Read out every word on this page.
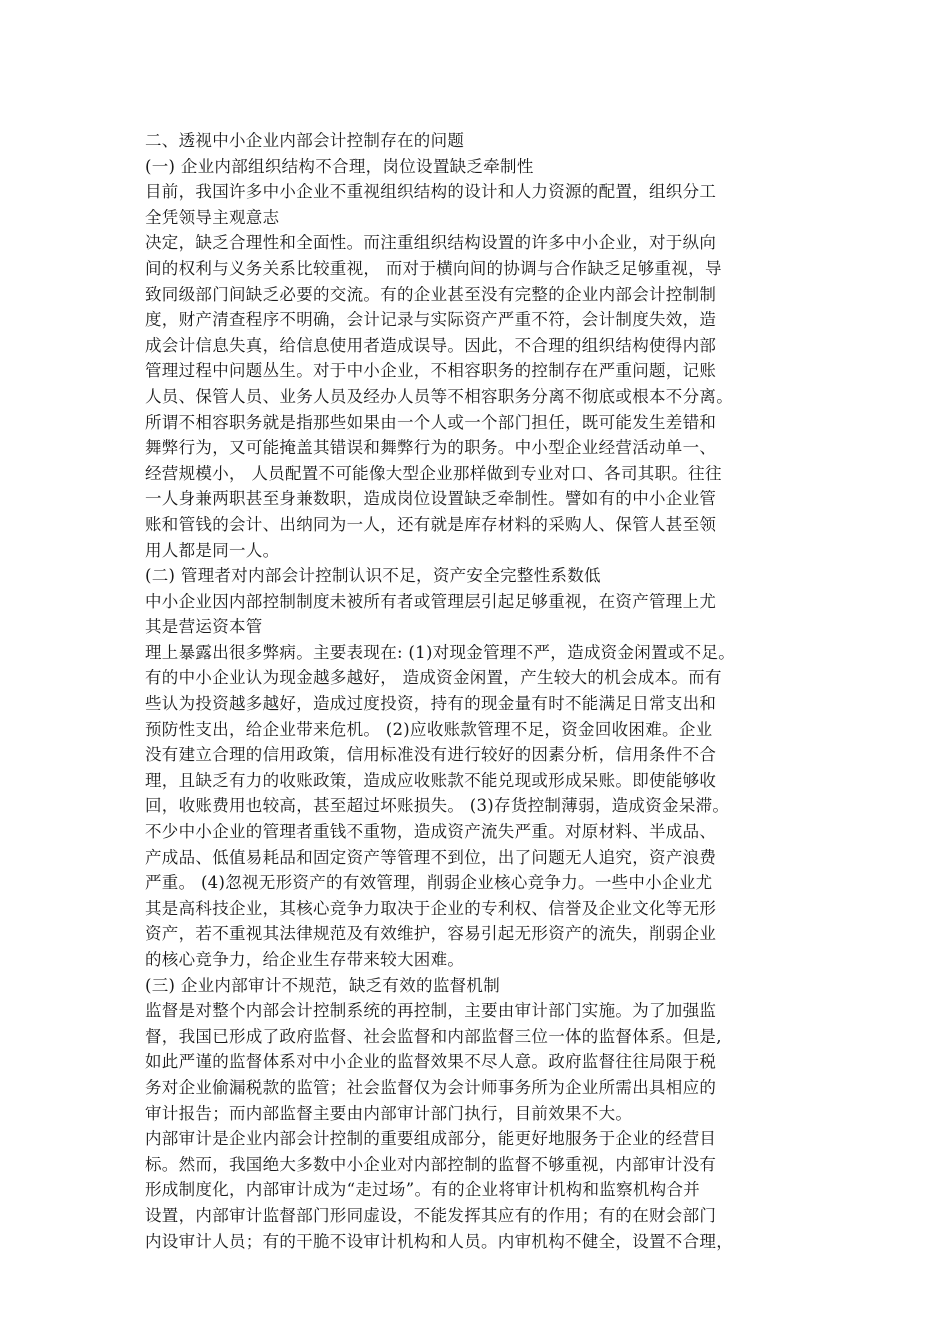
二、透视中小企业内部会计控制存在的问题
(一) 企业内部组织结构不合理，岗位设置缺乏牵制性
目前，我国许多中小企业不重视组织结构的设计和人力资源的配置，组织分工
全凭领导主观意志
决定，缺乏合理性和全面性。而注重组织结构设置的许多中小企业，对于纵向
间的权利与义务关系比较重视， 而对于横向间的协调与合作缺乏足够重视，导
致同级部门间缺乏必要的交流。有的企业甚至没有完整的企业内部会计控制制
度，财产清查程序不明确，会计记录与实际资产严重不符，会计制度失效，造
成会计信息失真，给信息使用者造成误导。因此，不合理的组织结构使得内部
管理过程中问题丛生。对于中小企业，不相容职务的控制存在严重问题，记账
人员、保管人员、业务人员及经办人员等不相容职务分离不彻底或根本不分离。
所谓不相容职务就是指那些如果由一个人或一个部门担任，既可能发生差错和
舞弊行为，又可能掩盖其错误和舞弊行为的职务。中小型企业经营活动单一、
经营规模小， 人员配置不可能像大型企业那样做到专业对口、各司其职。往往
一人身兼两职甚至身兼数职，造成岗位设置缺乏牵制性。譬如有的中小企业管
账和管钱的会计、出纳同为一人，还有就是库存材料的采购人、保管人甚至领
用人都是同一人。
(二) 管理者对内部会计控制认识不足，资产安全完整性系数低
中小企业因内部控制制度未被所有者或管理层引起足够重视，在资产管理上尤
其是营运资本管
理上暴露出很多弊病。主要表现在: (1)对现金管理不严，造成资金闲置或不足。
有的中小企业认为现金越多越好， 造成资金闲置，产生较大的机会成本。而有
些认为投资越多越好，造成过度投资，持有的现金量有时不能满足日常支出和
预防性支出，给企业带来危机。 (2)应收账款管理不足，资金回收困难。企业
没有建立合理的信用政策，信用标准没有进行较好的因素分析，信用条件不合
理，且缺乏有力的收账政策，造成应收账款不能兑现或形成呆账。即使能够收
回，收账费用也较高，甚至超过坏账损失。 (3)存货控制薄弱，造成资金呆滞。
不少中小企业的管理者重钱不重物，造成资产流失严重。对原材料、半成品、
产成品、低值易耗品和固定资产等管理不到位，出了问题无人追究，资产浪费
严重。 (4)忽视无形资产的有效管理，削弱企业核心竞争力。一些中小企业尤
其是高科技企业，其核心竞争力取决于企业的专利权、信誉及企业文化等无形
资产，若不重视其法律规范及有效维护，容易引起无形资产的流失，削弱企业
的核心竞争力，给企业生存带来较大困难。
(三) 企业内部审计不规范，缺乏有效的监督机制
监督是对整个内部会计控制系统的再控制，主要由审计部门实施。为了加强监
督，我国已形成了政府监督、社会监督和内部监督三位一体的监督体系。但是,
如此严谨的监督体系对中小企业的监督效果不尽人意。政府监督往往局限于税
务对企业偷漏税款的监管；社会监督仅为会计师事务所为企业所需出具相应的
审计报告；而内部监督主要由内部审计部门执行，目前效果不大。
内部审计是企业内部会计控制的重要组成部分，能更好地服务于企业的经营目
标。然而，我国绝大多数中小企业对内部控制的监督不够重视，内部审计没有
形成制度化，内部审计成为“走过场”。有的企业将审计机构和监察机构合并
设置，内部审计监督部门形同虚设，不能发挥其应有的作用；有的在财会部门
内设审计人员；有的干脆不设审计机构和人员。内审机构不健全，设置不合理，
